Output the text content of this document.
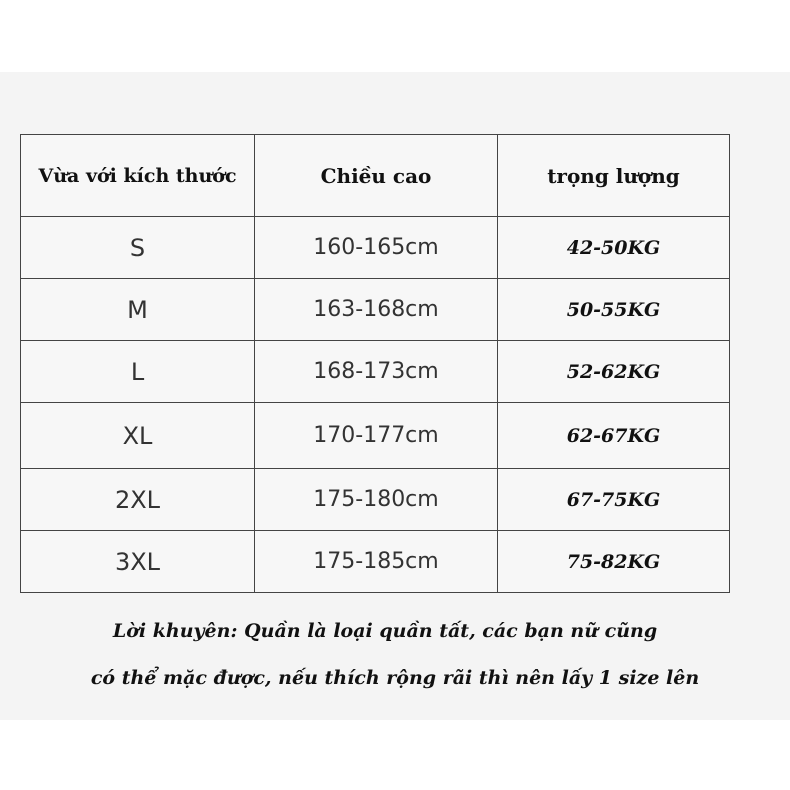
Vừa với kích thước	Chiều cao	trọng lượng
S	160-165cm	42-50KG
M	163-168cm	50-55KG
L	168-173cm	52-62KG
XL	170-177cm	62-67KG
2XL	175-180cm	67-75KG
3XL	175-185cm	75-82KG
Lời khuyên: Quần là loại quần tất, các bạn nữ cũng
có thể mặc được, nếu thích rộng rãi thì nên lấy 1 size lên
